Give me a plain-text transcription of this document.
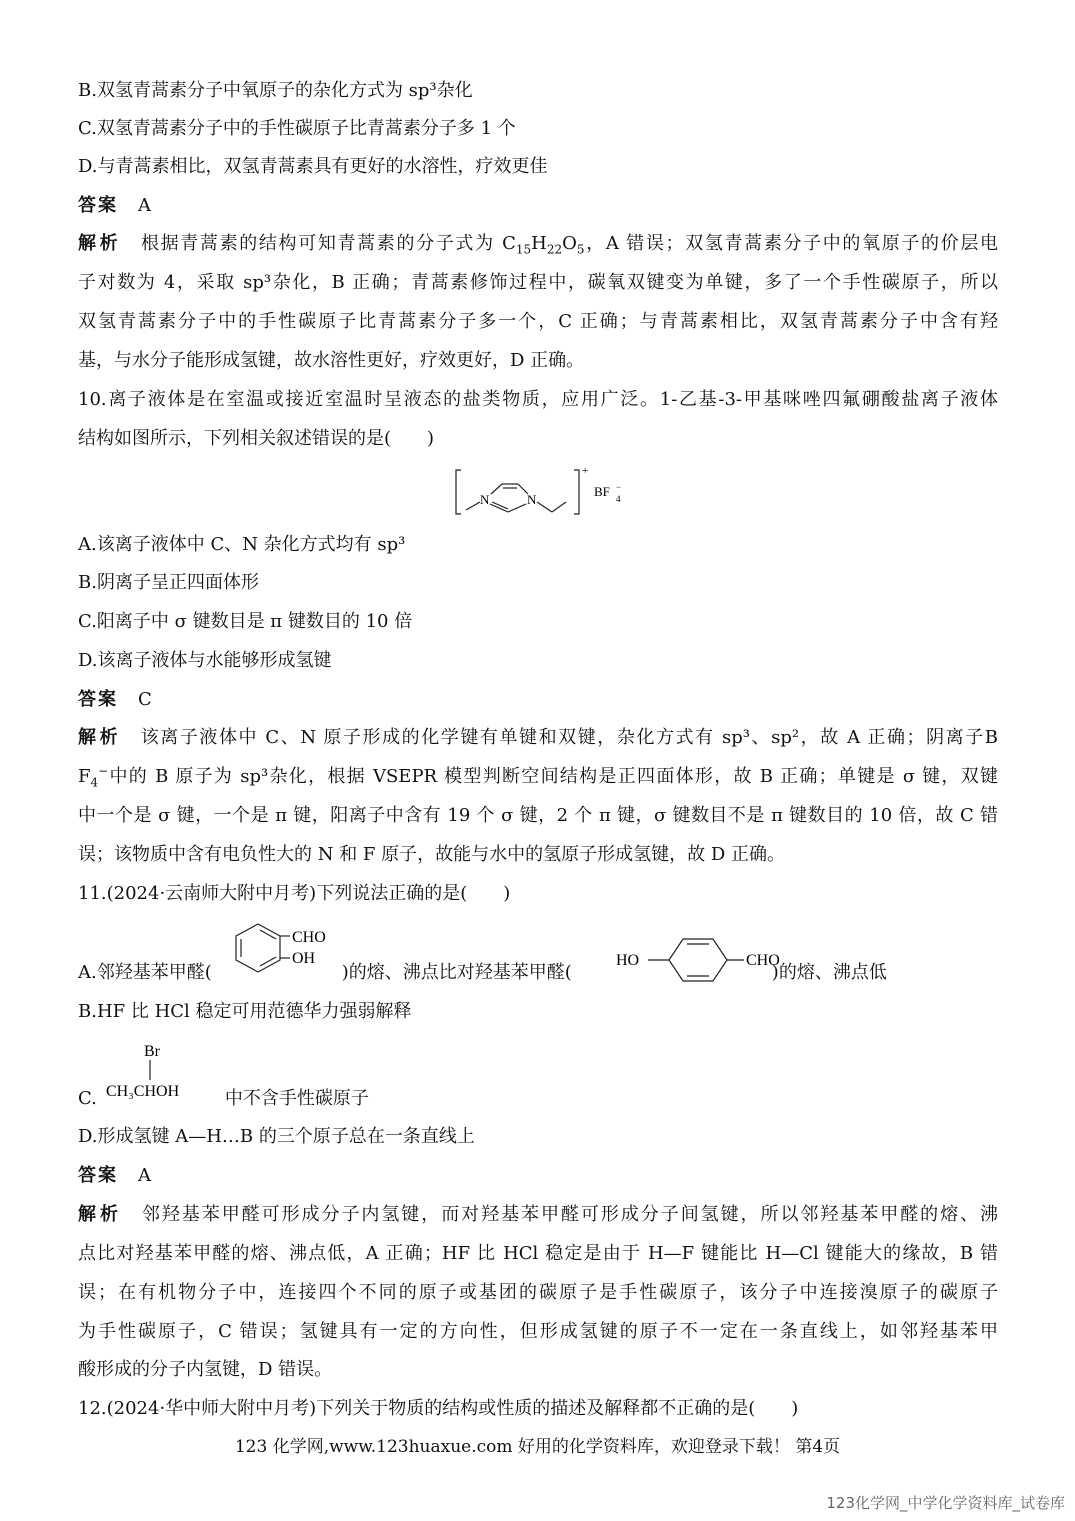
B.双氢青蒿素分子中氧原子的杂化方式为 sp³杂化
C.双氢青蒿素分子中的手性碳原子比青蒿素分子多 1 个
D.与青蒿素相比，双氢青蒿素具有更好的水溶性，疗效更佳
答案 A
解析　 根据青蒿素的结构可知青蒿素的分子式为 $C_{15}H_{22}O_5$，A 错误；双氢青蒿素分子中的氧原子的价层电
子对数为 4，采取 sp³杂化，B 正确；青蒿素修饰过程中，碳氧双键变为单键，多了一个手性碳原子，所以
双氢青蒿素分子中的手性碳原子比青蒿素分子多一个，C 正确；与青蒿素相比，双氢青蒿素分子中含有羟
基，与水分子能形成氢键，故水溶性更好，疗效更好，D 正确。
10.离子液体是在室温或接近室温时呈液态的盐类物质，应用广泛。1-乙基-3-甲基咪唑四氟硼酸盐离子液体
结构如图所示，下列相关叙述错误的是(　　)
N	N
+
BF −
4
A.该离子液体中 C、N 杂化方式均有 sp³
B.阴离子呈正四面体形
C.阳离子中 σ 键数目是 π 键数目的 10 倍
D.该离子液体与水能够形成氢键
答案 C
解析　 该离子液体中 C、N 原子形成的化学键有单键和双键，杂化方式有 sp³、sp²，故 A 正确；阴离子B
$F_4^-$中的 B 原子为 sp³杂化，根据 VSEPR 模型判断空间结构是正四面体形，故 B 正确；单键是 σ 键，双键
中一个是 σ 键，一个是 π 键，阳离子中含有 19 个 σ 键，2 个 π 键，σ 键数目不是 π 键数目的 10 倍，故 C 错
误；该物质中含有电负性大的 N 和 F 原子，故能与水中的氢原子形成氢键，故 D 正确。
11.(2024·云南师大附中月考)下列说法正确的是(　　)
CHO
OH	HO	CHO
A.邻羟基苯甲醛(	)的熔、沸点比对羟基苯甲醛(	)的熔、沸点低
B.HF 比 HCl 稳定可用范德华力强弱解释
Br
CH₃CHOH
C.	中不含手性碳原子
D.形成氢键 A—H…B 的三个原子总在一条直线上
答案 A
解析　 邻羟基苯甲醛可形成分子内氢键，而对羟基苯甲醛可形成分子间氢键，所以邻羟基苯甲醛的熔、沸
点比对羟基苯甲醛的熔、沸点低，A 正确；HF 比 HCl 稳定是由于 H—F 键能比 H—Cl 键能大的缘故，B 错
误；在有机物分子中，连接四个不同的原子或基团的碳原子是手性碳原子，该分子中连接溴原子的碳原子
为手性碳原子，C 错误；氢键具有一定的方向性，但形成氢键的原子不一定在一条直线上，如邻羟基苯甲
酸形成的分子内氢键，D 错误。
12.(2024·华中师大附中月考)下列关于物质的结构或性质的描述及解释都不正确的是(　　)
123 化学网,www.123huaxue.com 好用的化学资料库，欢迎登录下载！ 第4页
123化学网_中学化学资料库_试卷库
